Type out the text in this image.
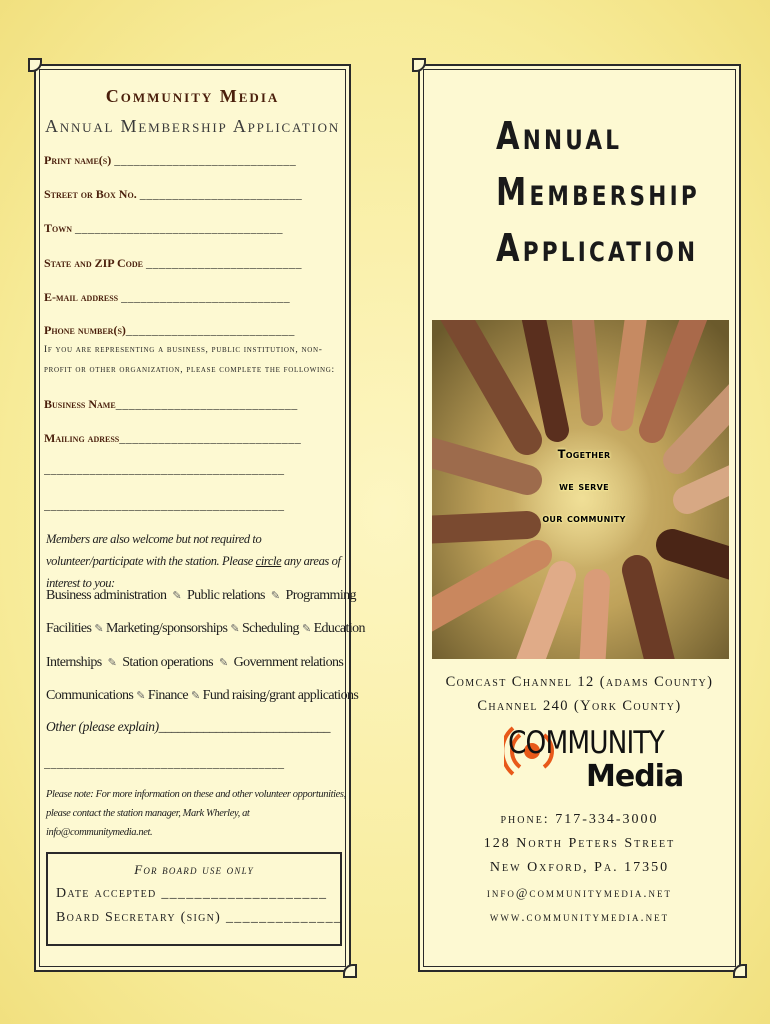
Community Media
Annual Membership Application
Print name(s) ____________________________
Street or Box No. _________________________
Town ________________________________
State and ZIP Code ________________________
E-mail address __________________________
Phone number(s)__________________________
If you are representing a business, public institution, non-profit or other organization, please complete the following:
Business Name____________________________
Mailing adress____________________________
_____________________________________
_____________________________________
Members are also welcome but not required to volunteer/participate with the station. Please circle any areas of interest to you:
Business administration ✎ Public relations ✎ Programming
Facilities ✎ Marketing/sponsorships ✎ Scheduling ✎ Education
Internships ✎ Station operations ✎ Government relations
Communications ✎ Finance ✎ Fund raising/grant applications
Other (please explain)___________________________
_____________________________________
Please note: For more information on these and other volunteer opportunities, please contact the station manager, Mark Wherley, at info@communitymedia.net.
For board use only
Date accepted ____________________
Board Secretary (sign) ______________
Annual
Membership
Application
Together
we serve
our community
Comcast Channel 12 (adams County)
Channel 240 (York County)
COMMUNITY
Media
phone: 717-334-3000
128 North Peters Street
New Oxford, Pa. 17350
info@communitymedia.net
www.communitymedia.net
